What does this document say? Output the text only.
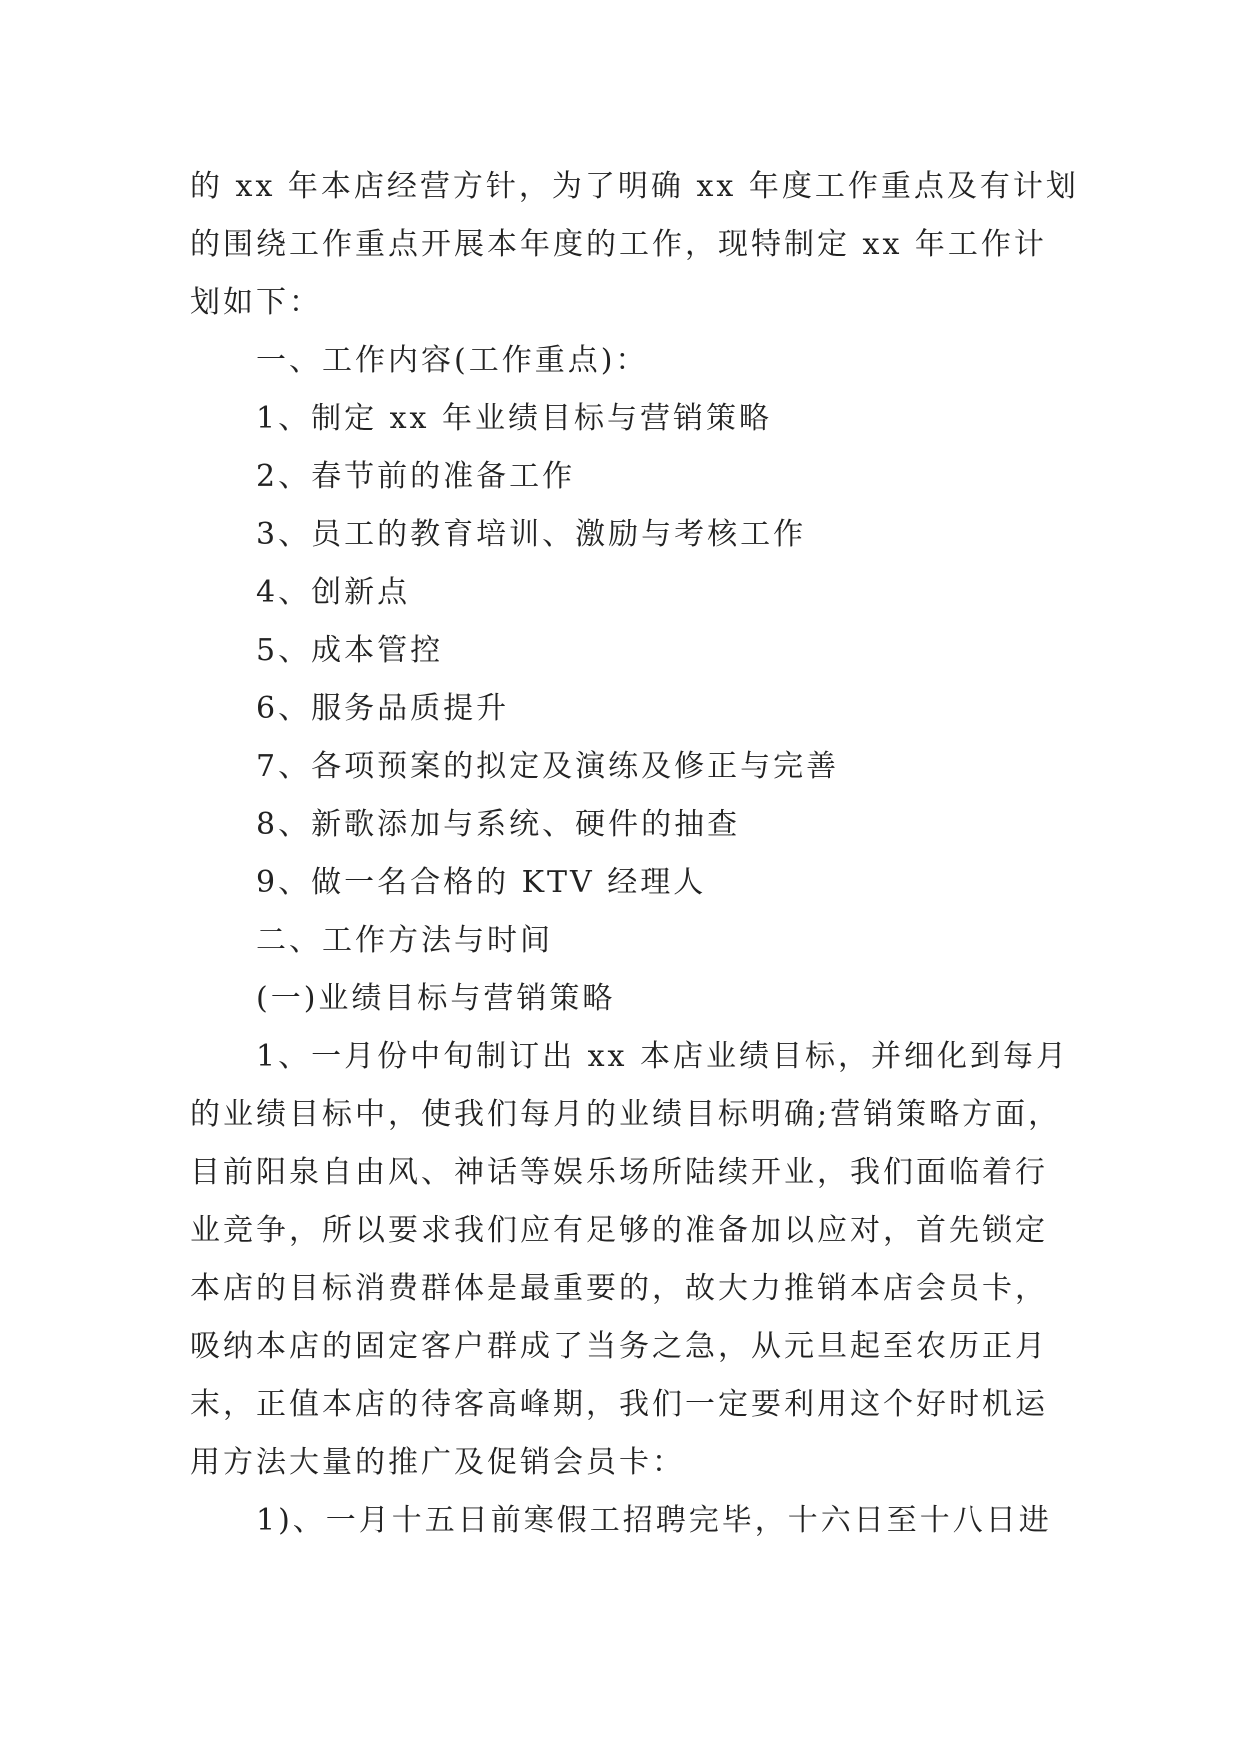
的 xx 年本店经营方针，为了明确 xx 年度工作重点及有计划
的围绕工作重点开展本年度的工作，现特制定 xx 年工作计
划如下：
一、工作内容(工作重点)：
1、制定 xx 年业绩目标与营销策略
2、春节前的准备工作
3、员工的教育培训、激励与考核工作
4、创新点
5、成本管控
6、服务品质提升
7、各项预案的拟定及演练及修正与完善
8、新歌添加与系统、硬件的抽查
9、做一名合格的 KTV 经理人
二、工作方法与时间
(一)业绩目标与营销策略
1、一月份中旬制订出 xx 本店业绩目标，并细化到每月
的业绩目标中，使我们每月的业绩目标明确;营销策略方面，
目前阳泉自由风、神话等娱乐场所陆续开业，我们面临着行
业竞争，所以要求我们应有足够的准备加以应对，首先锁定
本店的目标消费群体是最重要的，故大力推销本店会员卡，
吸纳本店的固定客户群成了当务之急，从元旦起至农历正月
末，正值本店的待客高峰期，我们一定要利用这个好时机运
用方法大量的推广及促销会员卡：
1)、一月十五日前寒假工招聘完毕，十六日至十八日进
